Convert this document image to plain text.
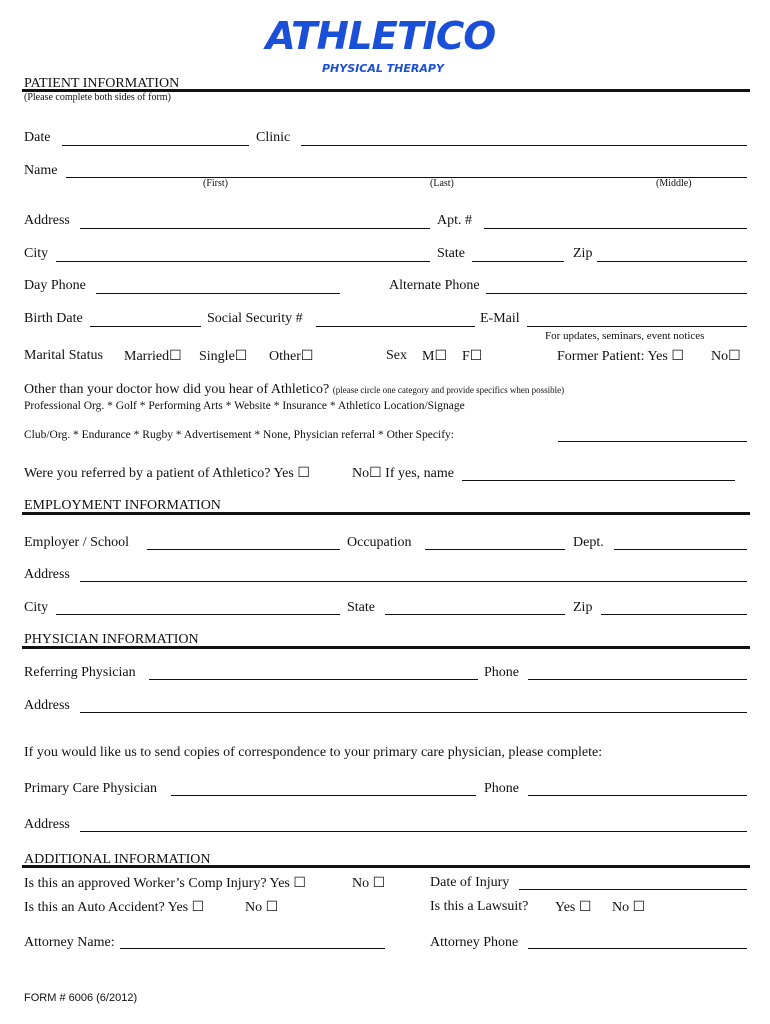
ATHLETICO
PHYSICAL THERAPY
PATIENT INFORMATION
(Please complete both sides of form)
Date	Clinic
Name
(First)	(Last)	(Middle)
Address	Apt. #
City	State	Zip
Day Phone	Alternate Phone
Birth Date	Social Security #	E-Mail
For updates, seminars, event notices
Marital Status Married☐ Single☐ Other☐	Sex M☐ F☐	Former Patient: Yes ☐ No☐
Other than your doctor how did you hear of Athletico? (please circle one category and provide specifics when possible)
Professional Org. * Golf * Performing Arts * Website * Insurance * Athletico Location/Signage
Club/Org. * Endurance * Rugby * Advertisement * None, Physician referral * Other Specify:
Were you referred by a patient of Athletico? Yes ☐	No☐ If yes, name
EMPLOYMENT INFORMATION
Employer / School	Occupation	Dept.
Address
City	State	Zip
PHYSICIAN INFORMATION
Referring Physician	Phone
Address
If you would like us to send copies of correspondence to your primary care physician, please complete:
Primary Care Physician	Phone
Address
ADDITIONAL INFORMATION
Is this an approved Worker’s Comp Injury? Yes ☐	No ☐	Date of Injury
Is this an Auto Accident? Yes ☐	No ☐	Is this a Lawsuit? Yes ☐ No ☐
Attorney Name:	Attorney Phone
FORM # 6006 (6/2012)
